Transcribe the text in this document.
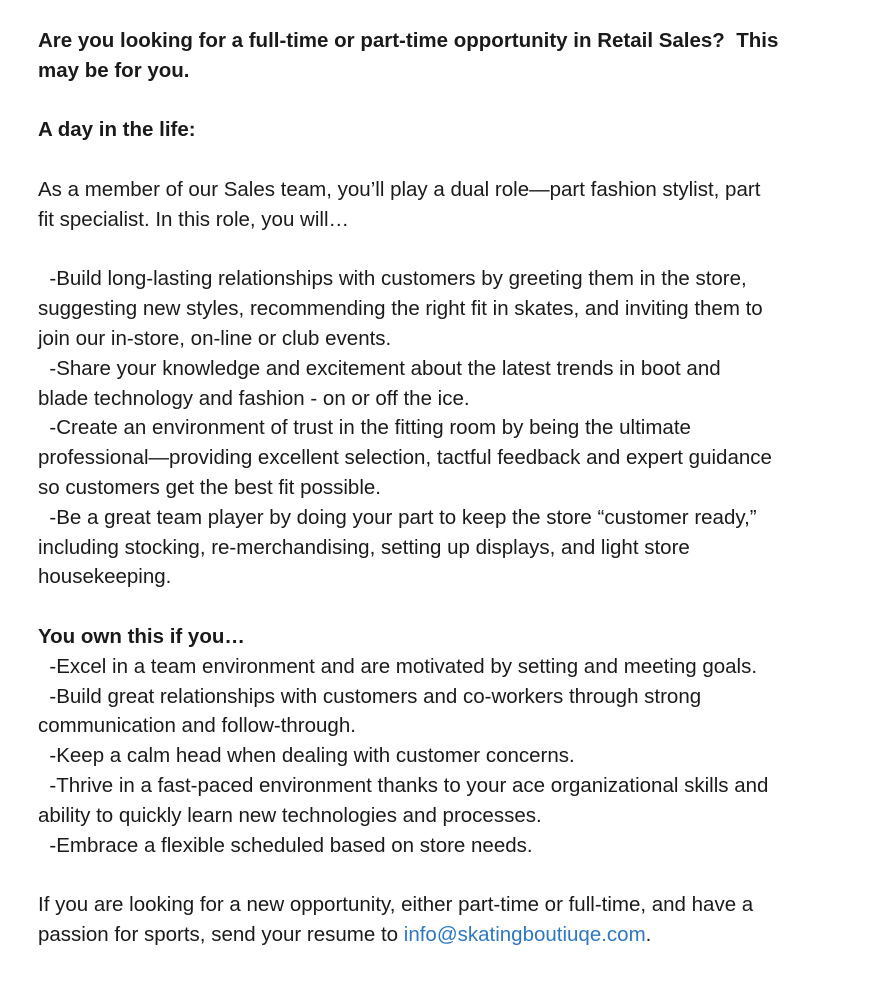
Are you looking for a full-time or part-time opportunity in Retail Sales?  This
may be for you.
A day in the life:
As a member of our Sales team, you’ll play a dual role—part fashion stylist, part
fit specialist. In this role, you will…
-Build long-lasting relationships with customers by greeting them in the store,
suggesting new styles, recommending the right fit in skates, and inviting them to
join our in-store, on-line or club events.
-Share your knowledge and excitement about the latest trends in boot and
blade technology and fashion - on or off the ice.
-Create an environment of trust in the fitting room by being the ultimate
professional—providing excellent selection, tactful feedback and expert guidance
so customers get the best fit possible.
-Be a great team player by doing your part to keep the store “customer ready,”
including stocking, re-merchandising, setting up displays, and light store
housekeeping.
You own this if you…
-Excel in a team environment and are motivated by setting and meeting goals.
-Build great relationships with customers and co-workers through strong
communication and follow-through.
-Keep a calm head when dealing with customer concerns.
-Thrive in a fast-paced environment thanks to your ace organizational skills and
ability to quickly learn new technologies and processes.
-Embrace a flexible scheduled based on store needs.
If you are looking for a new opportunity, either part-time or full-time, and have a
passion for sports, send your resume to info@skatingboutiuqe.com.
